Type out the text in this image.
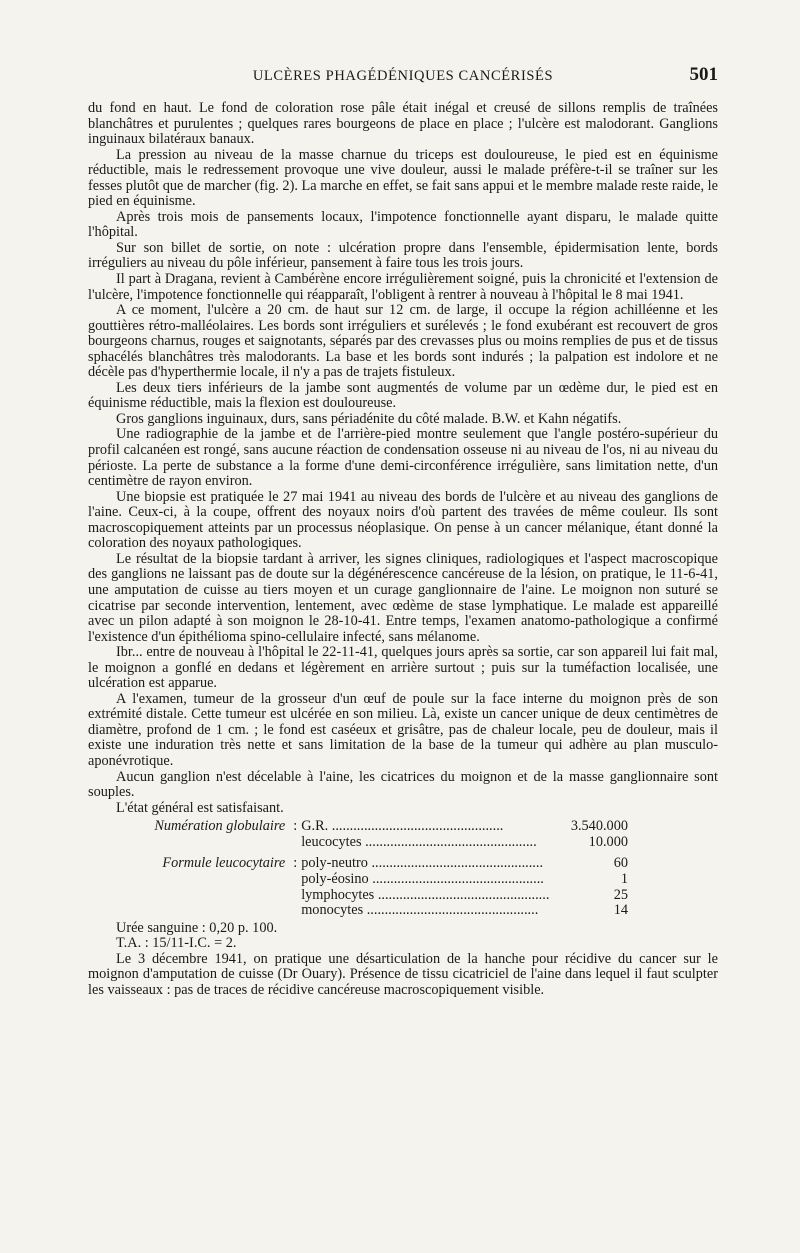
ULCÈRES PHAGÉDÉNIQUES CANCÉRISÉS	501

du fond en haut. Le fond de coloration rose pâle était inégal et creusé de sillons remplis de traînées blanchâtres et purulentes ; quelques rares bourgeons de place en place ; l'ulcère est malodorant. Ganglions inguinaux bilatéraux banaux.

La pression au niveau de la masse charnue du triceps est douloureuse, le pied est en équinisme réductible, mais le redressement provoque une vive douleur, aussi le malade préfère-t-il se traîner sur les fesses plutôt que de marcher (fig. 2). La marche en effet, se fait sans appui et le membre malade reste raide, le pied en équinisme.

Après trois mois de pansements locaux, l'impotence fonctionnelle ayant disparu, le malade quitte l'hôpital.

Sur son billet de sortie, on note : ulcération propre dans l'ensemble, épidermisation lente, bords irréguliers au niveau du pôle inférieur, pansement à faire tous les trois jours.

Il part à Dragana, revient à Cambérène encore irrégulièrement soigné, puis la chronicité et l'extension de l'ulcère, l'impotence fonctionnelle qui réapparaît, l'obligent à rentrer à nouveau à l'hôpital le 8 mai 1941.

A ce moment, l'ulcère a 20 cm. de haut sur 12 cm. de large, il occupe la région achilléenne et les gouttières rétro-malléolaires. Les bords sont irréguliers et surélevés ; le fond exubérant est recouvert de gros bourgeons charnus, rouges et saignotants, séparés par des crevasses plus ou moins remplies de pus et de tissus sphacélés blanchâtres très malodorants. La base et les bords sont indurés ; la palpation est indolore et ne décèle pas d'hyperthermie locale, il n'y a pas de trajets fistuleux.

Les deux tiers inférieurs de la jambe sont augmentés de volume par un œdème dur, le pied est en équinisme réductible, mais la flexion est douloureuse.

Gros ganglions inguinaux, durs, sans périadénite du côté malade. B.W. et Kahn négatifs.

Une radiographie de la jambe et de l'arrière-pied montre seulement que l'angle postéro-supérieur du profil calcanéen est rongé, sans aucune réaction de condensation osseuse ni au niveau de l'os, ni au niveau du périoste. La perte de substance a la forme d'une demi-circonférence irrégulière, sans limitation nette, d'un centimètre de rayon environ.

Une biopsie est pratiquée le 27 mai 1941 au niveau des bords de l'ulcère et au niveau des ganglions de l'aine. Ceux-ci, à la coupe, offrent des noyaux noirs d'où partent des travées de même couleur. Ils sont macroscopiquement atteints par un processus néoplasique. On pense à un cancer mélanique, étant donné la coloration des noyaux pathologiques.

Le résultat de la biopsie tardant à arriver, les signes cliniques, radiologiques et l'aspect macroscopique des ganglions ne laissant pas de doute sur la dégénérescence cancéreuse de la lésion, on pratique, le 11-6-41, une amputation de cuisse au tiers moyen et un curage ganglionnaire de l'aine. Le moignon non suturé se cicatrise par seconde intervention, lentement, avec œdème de stase lymphatique. Le malade est appareillé avec un pilon adapté à son moignon le 28-10-41. Entre temps, l'examen anatomo-pathologique a confirmé l'existence d'un épithélioma spino-cellulaire infecté, sans mélanome.

Ibr... entre de nouveau à l'hôpital le 22-11-41, quelques jours après sa sortie, car son appareil lui fait mal, le moignon a gonflé en dedans et légèrement en arrière surtout ; puis sur la tuméfaction localisée, une ulcération est apparue.

A l'examen, tumeur de la grosseur d'un œuf de poule sur la face interne du moignon près de son extrémité distale. Cette tumeur est ulcérée en son milieu. Là, existe un cancer unique de deux centimètres de diamètre, profond de 1 cm. ; le fond est caséeux et grisâtre, pas de chaleur locale, peu de douleur, mais il existe une induration très nette et sans limitation de la base de la tumeur qui adhère au plan musculo-aponévrotique.

Aucun ganglion n'est décelable à l'aine, les cicatrices du moignon et de la masse ganglionnaire sont souples.

L'état général est satisfaisant.

Numération globulaire	:	G.R. .....	3.540.000
		leucocytes .....	10.000

Formule leucocytaire	:	poly-neutro .....	60
		poly-éosino .....	1
		lymphocytes .....	25
		monocytes .....	14
Urée sanguine : 0,20 p. 100.
T.A. : 15/11-I.C. = 2.

Le 3 décembre 1941, on pratique une désarticulation de la hanche pour récidive du cancer sur le moignon d'amputation de cuisse (Dr Ouary). Présence de tissu cicatriciel de l'aine dans lequel il faut sculpter les vaisseaux : pas de traces de récidive cancéreuse macroscopiquement visible.
